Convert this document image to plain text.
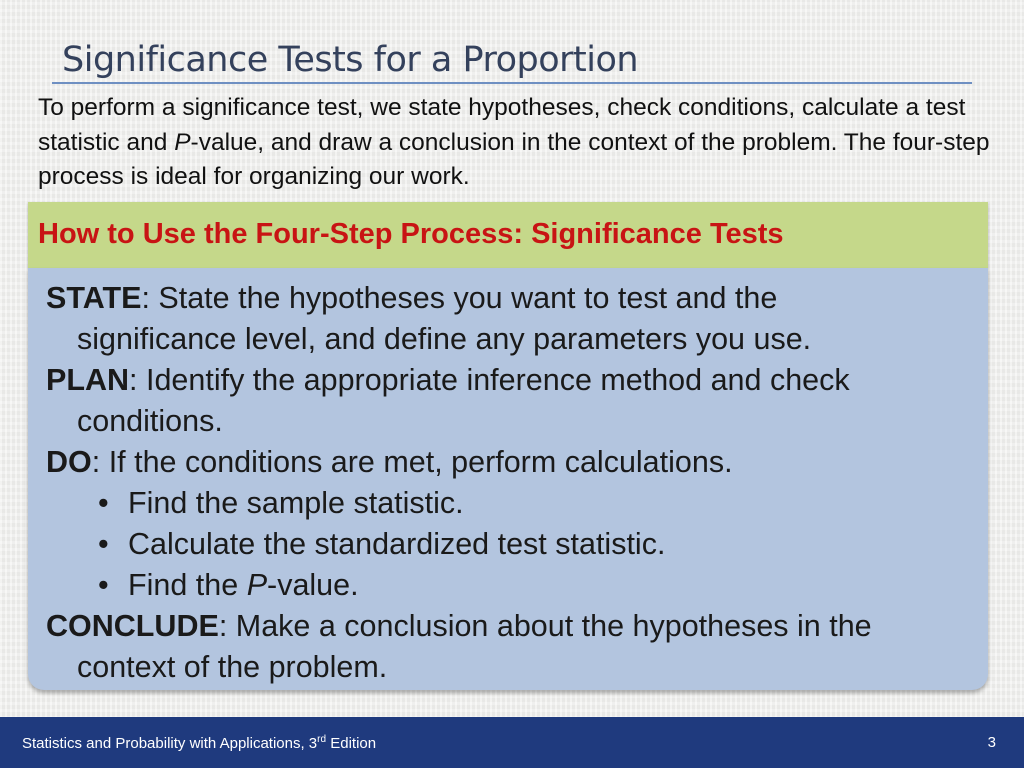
Significance Tests for a Proportion
To perform a significance test, we state hypotheses, check conditions, calculate a test statistic and P-value, and draw a conclusion in the context of the problem. The four-step process is ideal for organizing our work.
How to Use the Four-Step Process: Significance Tests
STATE: State the hypotheses you want to test and the
significance level, and define any parameters you use.
PLAN: Identify the appropriate inference method and check
conditions.
DO: If the conditions are met, perform calculations.
• Find the sample statistic.
• Calculate the standardized test statistic.
• Find the P-value.
CONCLUDE: Make a conclusion about the hypotheses in the
context of the problem.
Statistics and Probability with Applications, 3rd Edition	3
